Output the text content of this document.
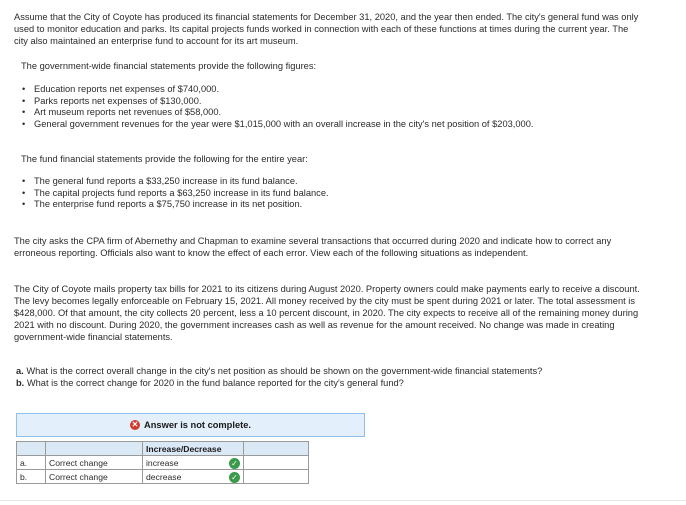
Assume that the City of Coyote has produced its financial statements for December 31, 2020, and the year then ended. The city's general fund was only used to monitor education and parks. Its capital projects funds worked in connection with each of these functions at times during the current year. The city also maintained an enterprise fund to account for its art museum.

The government-wide financial statements provide the following figures:
• Education reports net expenses of $740,000.
• Parks reports net expenses of $130,000.
• Art museum reports net revenues of $58,000.
• General government revenues for the year were $1,015,000 with an overall increase in the city's net position of $203,000.
The fund financial statements provide the following for the entire year:
• The general fund reports a $33,250 increase in its fund balance.
• The capital projects fund reports a $63,250 increase in its fund balance.
• The enterprise fund reports a $75,750 increase in its net position.

The city asks the CPA firm of Abernethy and Chapman to examine several transactions that occurred during 2020 and indicate how to correct any erroneous reporting. Officials also want to know the effect of each error. View each of the following situations as independent.

The City of Coyote mails property tax bills for 2021 to its citizens during August 2020. Property owners could make payments early to receive a discount. The levy becomes legally enforceable on February 15, 2021. All money received by the city must be spent during 2021 or later. The total assessment is $428,000. Of that amount, the city collects 20 percent, less a 10 percent discount, in 2020. The city expects to receive all of the remaining money during 2021 with no discount. During 2020, the government increases cash as well as revenue for the amount received. No change was made in creating government-wide financial statements.

a. What is the correct overall change in the city's net position as should be shown on the government-wide financial statements?
b. What is the correct change for 2020 in the fund balance reported for the city's general fund?
✕ Answer is not complete.
		Increase/Decrease	
a.	Correct change	increase ✓	

b.	Correct change	decrease ✓	
